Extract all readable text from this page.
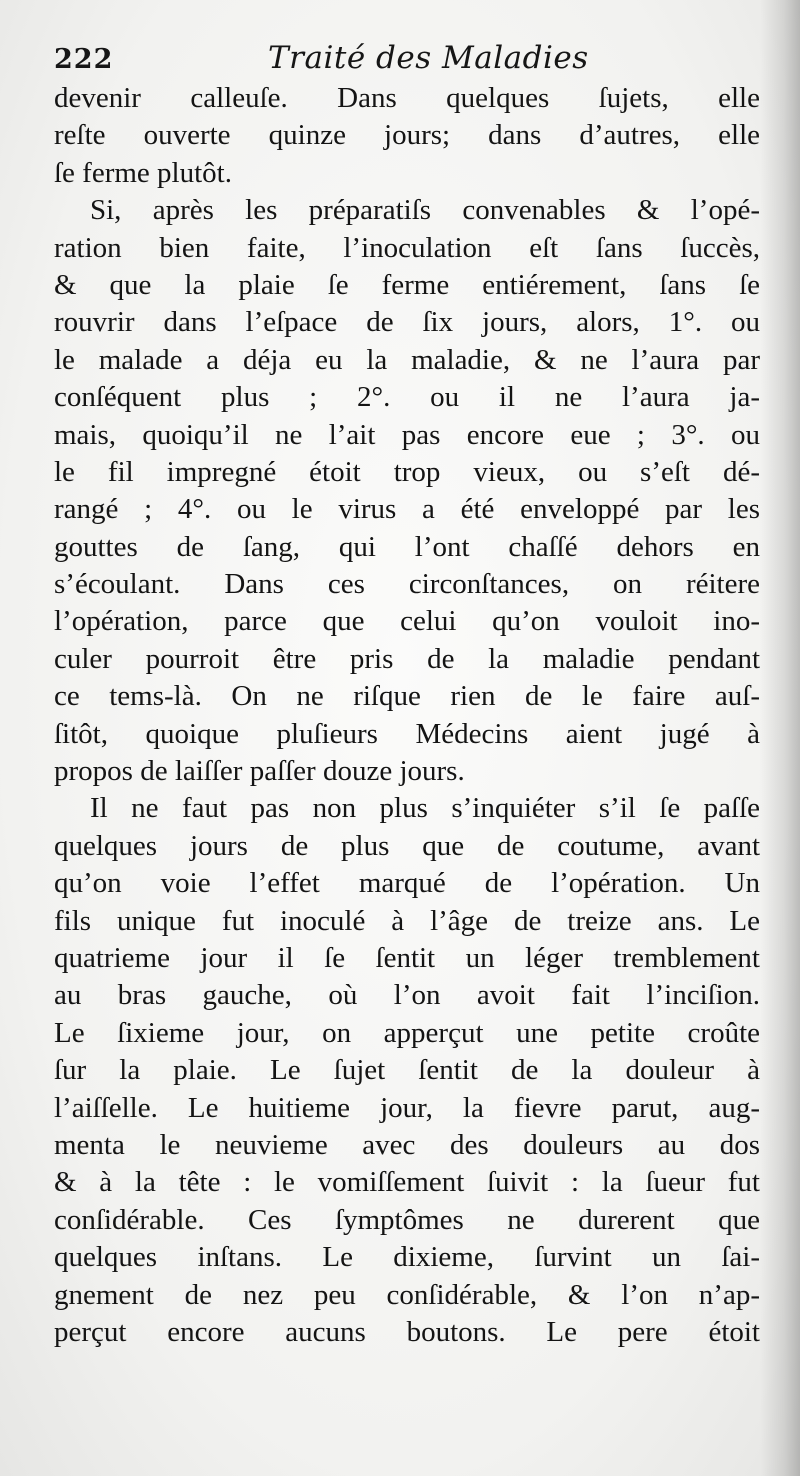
222	Traité des Maladies
devenir calleuſe. Dans quelques ſujets, elle
reſte ouverte quinze jours; dans d’autres, elle
ſe ferme plutôt.
Si, après les préparatiſs convenables & l’opé-
ration bien faite, l’inoculation eſt ſans ſuccès,
& que la plaie ſe ferme entiérement, ſans ſe
rouvrir dans l’eſpace de ſix jours, alors, 1°. ou
le malade a déja eu la maladie, & ne l’aura par
conſéquent plus ; 2°. ou il ne l’aura ja-
mais, quoiqu’il ne l’ait pas encore eue ; 3°. ou
le fil impregné étoit trop vieux, ou s’eſt dé-
rangé ; 4°. ou le virus a été enveloppé par les
gouttes de ſang, qui l’ont chaſſé dehors en
s’écoulant. Dans ces circonſtances, on réitere
l’opération, parce que celui qu’on vouloit ino-
culer pourroit être pris de la maladie pendant
ce tems-là. On ne riſque rien de le faire auſ-
ſitôt, quoique pluſieurs Médecins aient jugé à
propos de laiſſer paſſer douze jours.
Il ne faut pas non plus s’inquiéter s’il ſe paſſe
quelques jours de plus que de coutume, avant
qu’on voie l’effet marqué de l’opération. Un
fils unique fut inoculé à l’âge de treize ans. Le
quatrieme jour il ſe ſentit un léger tremblement
au bras gauche, où l’on avoit fait l’inciſion.
Le ſixieme jour, on apperçut une petite croûte
ſur la plaie. Le ſujet ſentit de la douleur à
l’aiſſelle. Le huitieme jour, la fievre parut, aug-
menta le neuvieme avec des douleurs au dos
& à la tête : le vomiſſement ſuivit : la ſueur fut
conſidérable. Ces ſymptômes ne durerent que
quelques inſtans. Le dixieme, ſurvint un ſai-
gnement de nez peu conſidérable, & l’on n’ap-
perçut encore aucuns boutons. Le pere étoit
